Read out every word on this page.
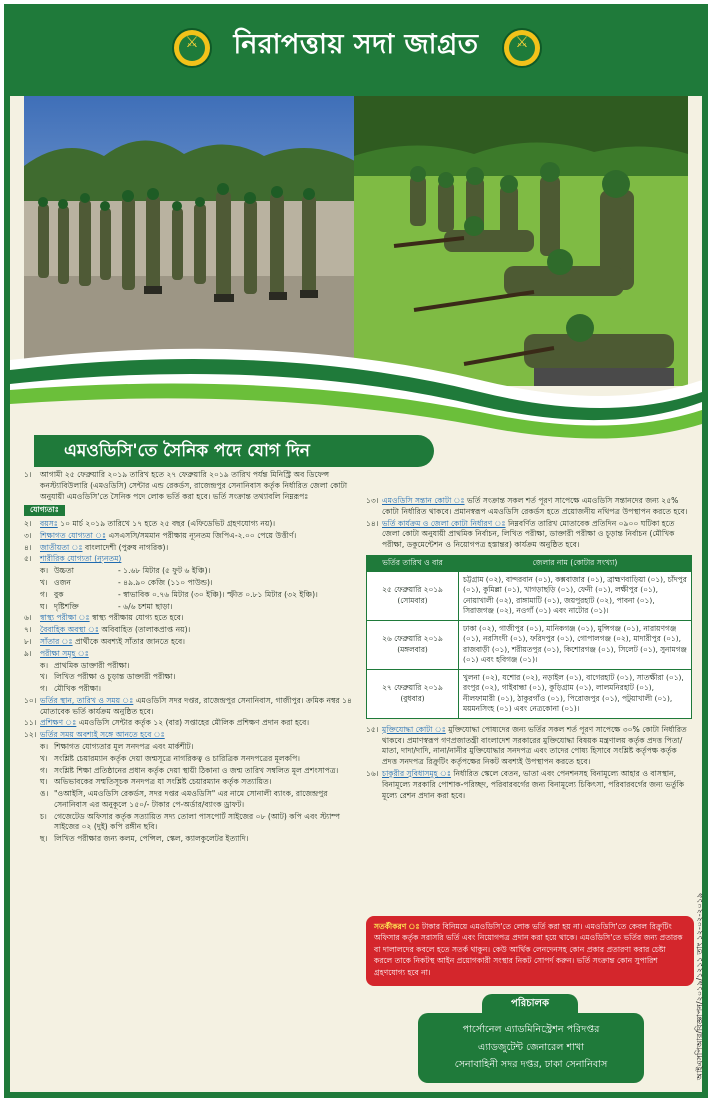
⚔	নিরাপত্তায় সদা জাগ্রত	⚔
এমওডিসি'তে সৈনিক পদে যোগ দিন
১।	আগামী ২৫ ফেব্রুয়ারি ২০১৯ তারিখ হতে ২৭ ফেব্রুয়ারি ২০১৯ তারিখ পর্যন্ত মিনিস্ট্রি অব ডিফেন্স কনস্ট্যাবিউলারি (এমওডিসি) সেন্টার এন্ড রেকর্ডস, রাজেন্দ্রপুর সেনানিবাস কর্তৃক নির্ধারিত জেলা কোটা অনুযায়ী এমওডিসি'তে সৈনিক পদে লোক ভর্তি করা হবে। ভর্তি সংক্রান্ত তথ্যাবলি নিম্নরূপঃ
যোগ্যতাঃ
২।	বয়সঃ ১০ মার্চ ২০১৯ তারিখে ১৭ হতে ২৫ বছর (এফিডেভিট গ্রহণযোগ্য নয়)।
৩।	শিক্ষাগত যোগ্যতা ঃ এসএসসি/সমমান পরীক্ষায় ন্যূনতম জিপিএ-২.০০ পেয়ে উত্তীর্ণ।
৪।	জাতীয়তা ঃ বাংলাদেশী (পুরুষ নাগরিক)।
৫।	শারীরিক যোগ্যতা (ন্যূনতম)
ক। উচ্চতা	- ১.৬৮ মিটার (৫ ফুট ৬ ইঞ্চি)।
খ। ওজন	- ৪৯.৯০ কেজি (১১০ পাউন্ড)।
গ। বুক	- স্বাভাবিক ০.৭৬ মিটার (৩০ ইঞ্চি)। স্ফীত ০.৮১ মিটার (৩২ ইঞ্চি)।
ঘ। দৃষ্টিশক্তি	- ৬/৬ চশমা ছাড়া।
৬।	স্বাস্থ্য পরীক্ষা ঃ স্বাস্থ্য পরীক্ষায় যোগ্য হতে হবে।
৭।	বৈবাহিক অবস্থা ঃ অবিবাহিত (তালাকপ্রাপ্ত নয়)।
৮।	সাঁতার ঃ প্রার্থীকে অবশ্যই সাঁতার জানতে হবে।
৯।	পরীক্ষা সমূহ ঃ
ক। প্রাথমিক ডাক্তারী পরীক্ষা।
খ। লিখিত পরীক্ষা ও চূড়ান্ত ডাক্তারী পরীক্ষা।
গ। মৌখিক পরীক্ষা।
১০। ভর্তির স্থান, তারিখ ও সময় ঃ এমওডিসি সদর দপ্তর, রাজেন্দ্রপুর সেনানিবাস, গাজীপুর। ক্রমিক নম্বর ১৪ মোতাবেক ভর্তি কার্যক্রম অনুষ্ঠিত হবে।
১১। প্রশিক্ষণ ঃ এমওডিসি সেন্টার কর্তৃক ১২ (বার) সপ্তাহের মৌলিক প্রশিক্ষণ প্রদান করা হবে।
১২। ভর্তির সময় অবশ্যই সঙ্গে আনতে হবে ঃ
ক। শিক্ষাগত যোগ্যতার মূল সনদপত্র এবং মার্কশীট।
খ। সংশ্লিষ্ট চেয়ারম্যান কর্তৃক দেয়া জন্মসূত্রে নাগরিকত্ব ও চারিত্রিক সনদপত্রের মূলকপি।
গ। সংশ্লিষ্ট শিক্ষা প্রতিষ্ঠানের প্রধান কর্তৃক দেয়া স্থায়ী ঠিকানা ও জন্ম তারিখ সম্বলিত মূল প্রশংসাপত্র।
ঘ। অভিভাবকের সম্মতিসূচক সনদপত্র যা সংশ্লিষ্ট চেয়ারম্যান কর্তৃক সত্যায়িত।
ঙ। "ওআইসি, এমওডিসি রেকর্ডস, সদর দপ্তর এমওডিসি" এর নামে সোনালী ব্যাংক, রাজেন্দ্রপুর সেনানিবাস এর অনুকূলে ১৫০/- টাকার পে-অর্ডার/ব্যাংক ড্রাফট।
চ। গেজেটেড অফিসার কর্তৃক সত্যায়িত সদ্য তোলা পাসপোর্ট সাইজের ০৮ (আট) কপি এবং স্ট্যাম্প সাইজের ০২ (দুই) কপি রঙ্গীন ছবি।
ছ। লিখিত পরীক্ষার জন্য কলম, পেন্সিল, স্কেল, ক্যালকুলেটর ইত্যাদি।
১৩। এমওডিসি সন্তান কোটা ঃ ভর্তি সংক্রান্ত সকল শর্ত পূরণ সাপেক্ষে এমওডিসি সন্তানদের জন্য ২৫% কোটা নির্ধারিত থাকবে। প্রমানস্বরূপ এমওডিসি রেকর্ডস হতে প্রয়োজনীয় নথিপত্র উপস্থাপন করতে হবে।
১৪। ভর্তি কার্যক্রম ও জেলা কোটা নির্ধারণ ঃ নিম্নবর্ণিত তারিখ মোতাবেক প্রতিদিন ০৯০০ ঘটিকা হতে জেলা কোটা অনুযায়ী প্রাথমিক নির্বাচন, লিখিত পরীক্ষা, ডাক্তারী পরীক্ষা ও চূড়ান্ত নির্বাচন (মৌখিক পরীক্ষা, ডকুমেন্টেশন ও নিয়োগপত্র হস্তান্তর) কার্যক্রম অনুষ্ঠিত হবে।
ভর্তির তারিখ ও বার	জেলার নাম (কোটার সংখ্যা)
২৫ ফেব্রুয়ারি ২০১৯ (সোমবার)	চট্টগ্রাম (০২), বান্দরবান (০১), কক্সবাজার (০১), ব্রাহ্মণবাড়িয়া (০১), চাঁদপুর (০১), কুমিল্লা (০১), খাগড়াছড়ি (০১), ফেনী (০১), লক্ষীপুর (০১), নোয়াখালী (০২), রাঙ্গামাটি (০১), জয়পুরহাট (০২), পাবনা (০১), সিরাজগঞ্জ (০২), নওগাঁ (০১) এবং নাটোর (০১)।
২৬ ফেব্রুয়ারি ২০১৯ (মঙ্গলবার)	ঢাকা (০২), গাজীপুর (০১), মানিকগঞ্জ (০১), মুন্সিগঞ্জ (০১), নারায়ণগঞ্জ (০১), নরসিংদী (০১), ফরিদপুর (০১), গোপালগঞ্জ (০২), মাদারীপুর (০১), রাজবাড়ী (০১), শরীয়তপুর (০১), কিশোরগঞ্জ (০১), সিলেট (০১), সুনামগঞ্জ (০১) এবং হবিগঞ্জ (০১)।
২৭ ফেব্রুয়ারি ২০১৯ (বুধবার)	খুলনা (০২), যশোর (০২), নড়াইল (০১), বাগেরহাট (০১), সাতক্ষীরা (০১), রংপুর (০২), গাইবান্ধা (০১), কুড়িগ্রাম (০১), লালমনিরহাট (০১), নীলফামারী (০১), ঠাকুরগাঁও (০১), পিরোজপুর (০১), পটুয়াখালী (০১), ময়মনসিংহ (০১) এবং নেত্রকোনা (০১)।
১৫। মুক্তিযোদ্ধা কোটা ঃ মুক্তিযোদ্ধা পোষ্যদের জন্য ভর্তির সকল শর্ত পূরণ সাপেক্ষে ৩০% কোটা নির্ধারিত থাকবে। প্রমাণস্বরূপ গণপ্রজাতন্ত্রী বাংলাদেশ সরকারের মুক্তিযোদ্ধা বিষয়ক মন্ত্রণালয় কর্তৃক প্রদত্ত পিতা/মাতা, দাদা/দাদি, নানা/নানীর মুক্তিযোদ্ধার সনদপত্র এবং তাদের পোষ্য হিসাবে সংশ্লিষ্ট কর্তৃপক্ষ কর্তৃক প্রদত্ত সনদপত্র রিক্রুটিং কর্তৃপক্ষের নিকট অবশ্যই উপস্থাপন করতে হবে।
১৬। চাকুরীর সুবিধাসমূহ ঃ নির্ধারিত স্কেলে বেতন, ভাতা এবং পেনশনসহ বিনামূল্যে আহার ও বাসস্থান, বিনামূল্যে সরকারি পোশাক-পরিচ্ছদ, পরিবারবর্গের জন্য বিনামূল্যে চিকিৎসা, পরিবারবর্গের জন্য ভর্তুকি মূল্যে রেশন প্রদান করা হবে।
সতর্কীকরণ ঃ টাকার বিনিময়ে এমওডিসি'তে লোক ভর্তি করা হয় না। এমওডিসি'তে কেবল রিক্রুটিং অফিসার কর্তৃক সরাসরি ভর্তি এবং নিয়োগপত্র প্রদান করা হয়ে থাকে। এমওডিসি'তে ভর্তির জন্য প্রতারক বা দালালদের কবলে হতে সতর্ক থাকুন। কেউ আর্থিক লেনদেনসহ কোন প্রকার প্রতারণা করার চেষ্টা করলে তাকে নিকটস্থ আইন প্রয়োগকারী সংস্থার নিকট সোপর্দ করুন। ভর্তি সংক্রান্ত কোন সুপারিশ গ্রহণযোগ্য হবে না।
পরিচালক
পার্সোনেল এ্যাডমিনিস্ট্রেশন পরিদপ্তর
এ্যাডজুটেন্ট জেনারেল শাখা
সেনাবাহিনী সদর দপ্তর, ঢাকা সেনানিবাস	আইএসপিআর/বিজ্ঞাপন/২০১৯/১২১১ তাং ১২-০২-২০১৯
